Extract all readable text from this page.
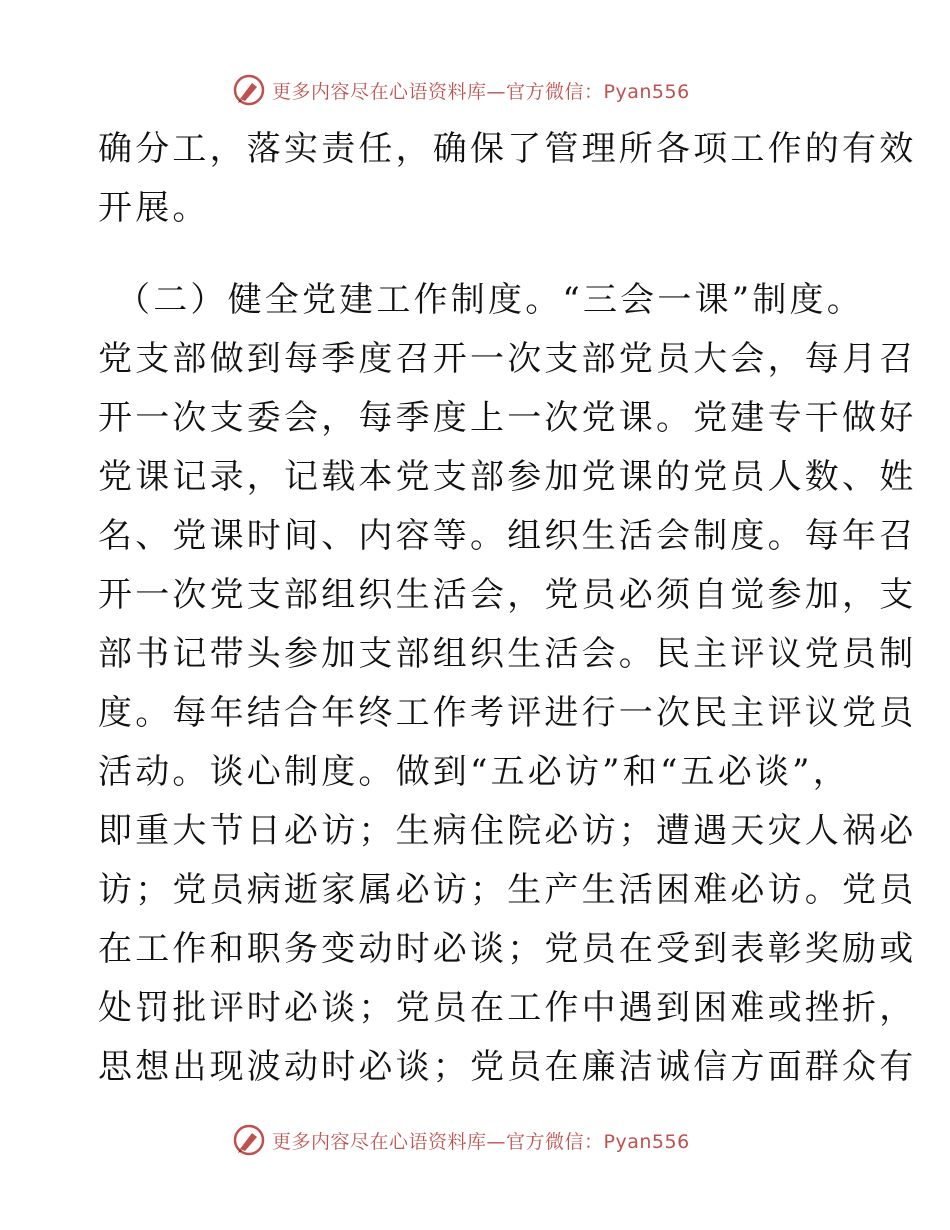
更多内容尽在心语资料库—官方微信：Pyan556
确分工，落实责任，确保了管理所各项工作的有效
开展。
（二）健全党建工作制度。“三会一课”制度。
党支部做到每季度召开一次支部党员大会，每月召
开一次支委会，每季度上一次党课。党建专干做好
党课记录，记载本党支部参加党课的党员人数、姓
名、党课时间、内容等。组织生活会制度。每年召
开一次党支部组织生活会，党员必须自觉参加，支
部书记带头参加支部组织生活会。民主评议党员制
度。每年结合年终工作考评进行一次民主评议党员
活动。谈心制度。做到“五必访”和“五必谈”，
即重大节日必访；生病住院必访；遭遇天灾人祸必
访；党员病逝家属必访；生产生活困难必访。党员
在工作和职务变动时必谈；党员在受到表彰奖励或
处罚批评时必谈；党员在工作中遇到困难或挫折，
思想出现波动时必谈；党员在廉洁诚信方面群众有
更多内容尽在心语资料库—官方微信：Pyan556
